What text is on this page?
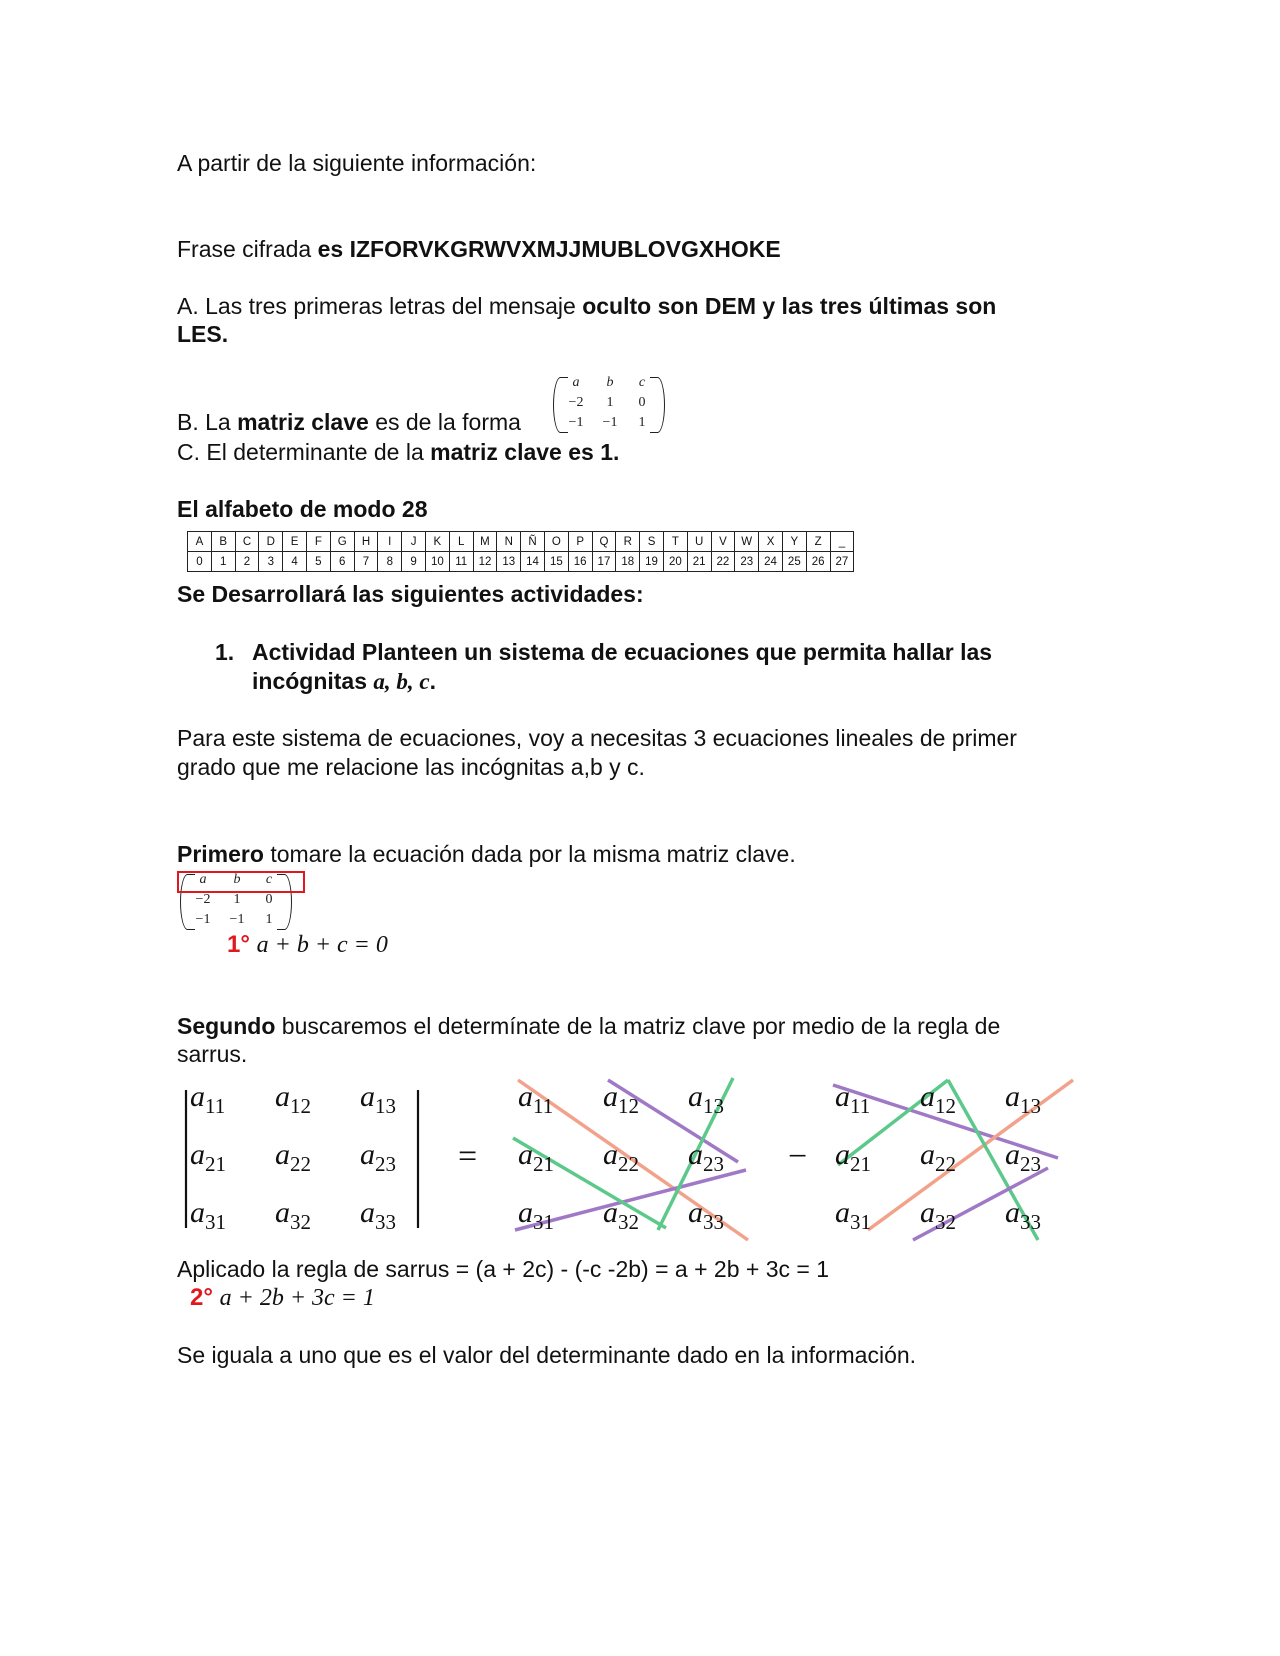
A partir de la siguiente información:
Frase cifrada es IZFORVKGRWVXMJJMUBLOVGXHOKE
A. Las tres primeras letras del mensaje oculto son DEM y las tres últimas son
LES.
B. La matriz clave es de la forma
a	b	c
−2	1	0
−1	−1	1
C. El determinante de la matriz clave es 1.
El alfabeto de modo 28
A	B	C	D	E	F	G	H	I	J	K	L	M	N	Ñ	O	P	Q	R	S	T	U	V	W	X	Y	Z	_
0	1	2	3	4	5	6	7	8	9	10	11	12	13	14	15	16	17	18	19	20	21	22	23	24	25	26	27
Se Desarrollará las siguientes actividades:
1. Actividad Planteen un sistema de ecuaciones que permita hallar las
incógnitas a, b, c.
Para este sistema de ecuaciones, voy a necesitas 3 ecuaciones lineales de primer
grado que me relacione las incógnitas a,b y c.
Primero tomare la ecuación dada por la misma matriz clave.
a	b	c
−2	1	0
−1	−1	1
1° a + b + c = 0
Segundo buscaremos el determínate de la matriz clave por medio de la regla de
sarrus.
$a_{11}$ $a_{12}$ $a_{13}$
$a_{21}$ $a_{22}$ $a_{23}$
$a_{31}$ $a_{32}$ $a_{33}$
$a_{11}$ $a_{12}$ $a_{13}$
$a_{21}$ $a_{22}$ $a_{23}$
$a_{31}$ $a_{32}$ $a_{33}$
$a_{11}$ $a_{12}$ $a_{13}$
$a_{21}$ $a_{22}$ $a_{23}$
$a_{31}$ $a_{32}$ $a_{33}$
=	−
Aplicado la regla de sarrus = (a + 2c) - (-c -2b) = a + 2b + 3c = 1
2° a + 2b + 3c = 1
Se iguala a uno que es el valor del determinante dado en la información.
